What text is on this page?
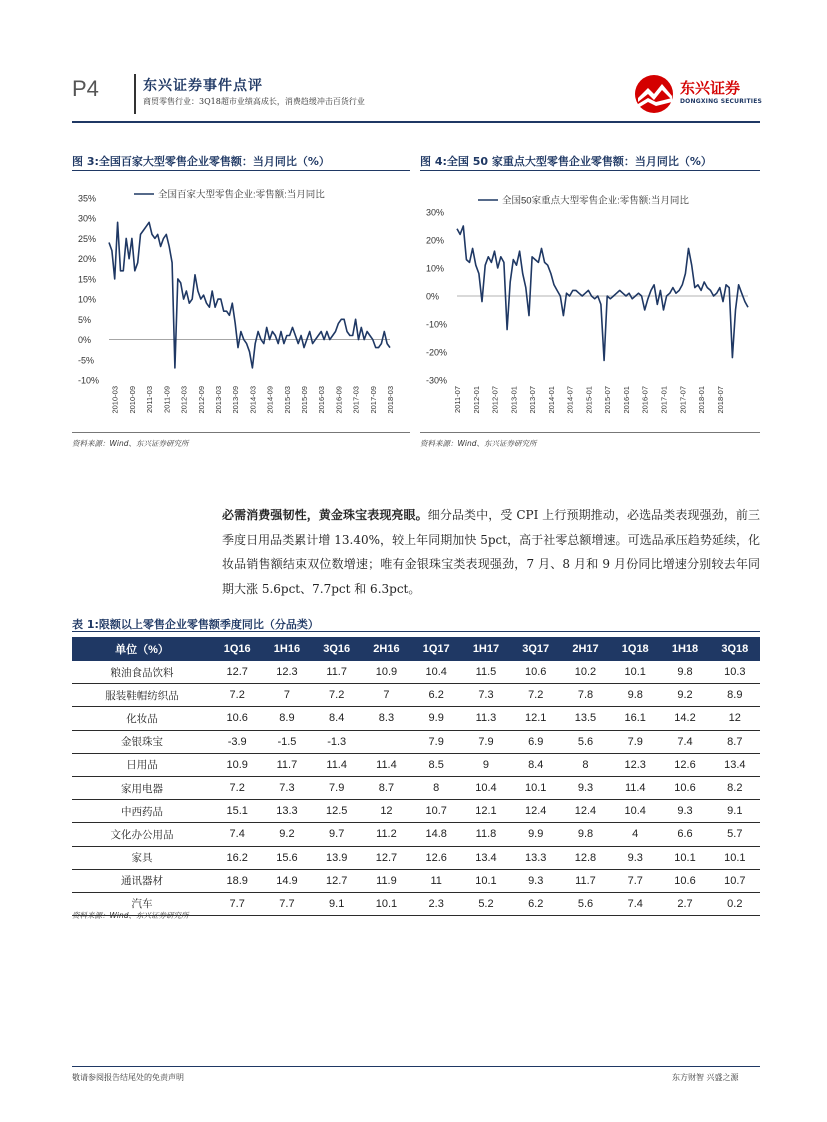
P4	东兴证券事件点评
商贸零售行业：3Q18超市业绩高成长，消费趋缓冲击百货行业
东兴证券
DONGXING SECURITIES
图 3:全国百家大型零售企业零售额：当月同比（%）
35%
30%
25%
20%
15%
10%
5%
0%
-5%
-10%
2010-03 2010-09 2011-03 2011-09 2012-03 2012-09 2013-03 2013-09 2014-03 2014-09 2015-03 2015-09 2016-03 2016-09 2017-03 2017-09 2018-03
全国百家大型零售企业:零售额:当月同比
资料来源：Wind、东兴证券研究所
图 4:全国 50 家重点大型零售企业零售额：当月同比（%）
30%
20%
10%
0%
-10%
-20%
-30%
2011-07 2012-01 2012-07 2013-01 2013-07 2014-01 2014-07 2015-01 2015-07 2016-01 2016-07 2017-01 2017-07 2018-01 2018-07
全国50家重点大型零售企业:零售额:当月同比
资料来源：Wind、东兴证券研究所
必需消费强韧性，黄金珠宝表现亮眼。细分品类中，受 CPI 上行预期推动，必选品类表现强劲，前三季度日用品类累计增 13.40%，较上年同期加快 5pct，高于社零总额增速。可选品承压趋势延续，化妆品销售额结束双位数增速；唯有金银珠宝类表现强劲，7 月、8 月和 9 月份同比增速分别较去年同期大涨 5.6pct、7.7pct 和 6.3pct。
表 1:限额以上零售企业零售额季度同比（分品类）
单位（%）	1Q16	1H16	3Q16	2H16	1Q17	1H17	3Q17	2H17	1Q18	1H18	3Q18
粮油食品饮料	12.7	12.3	11.7	10.9	10.4	11.5	10.6	10.2	10.1	9.8	10.3
服装鞋帽纺织品	7.2	7	7.2	7	6.2	7.3	7.2	7.8	9.8	9.2	8.9
化妆品	10.6	8.9	8.4	8.3	9.9	11.3	12.1	13.5	16.1	14.2	12
金银珠宝	-3.9	-1.5	-1.3		7.9	7.9	6.9	5.6	7.9	7.4	8.7
日用品	10.9	11.7	11.4	11.4	8.5	9	8.4	8	12.3	12.6	13.4
家用电器	7.2	7.3	7.9	8.7	8	10.4	10.1	9.3	11.4	10.6	8.2
中西药品	15.1	13.3	12.5	12	10.7	12.1	12.4	12.4	10.4	9.3	9.1
文化办公用品	7.4	9.2	9.7	11.2	14.8	11.8	9.9	9.8	4	6.6	5.7
家具	16.2	15.6	13.9	12.7	12.6	13.4	13.3	12.8	9.3	10.1	10.1
通讯器材	18.9	14.9	12.7	11.9	11	10.1	9.3	11.7	7.7	10.6	10.7
汽车	7.7	7.7	9.1	10.1	2.3	5.2	6.2	5.6	7.4	2.7	0.2
资料来源：Wind、东兴证券研究所
敬请参阅报告结尾处的免责声明	东方财智 兴盛之源
